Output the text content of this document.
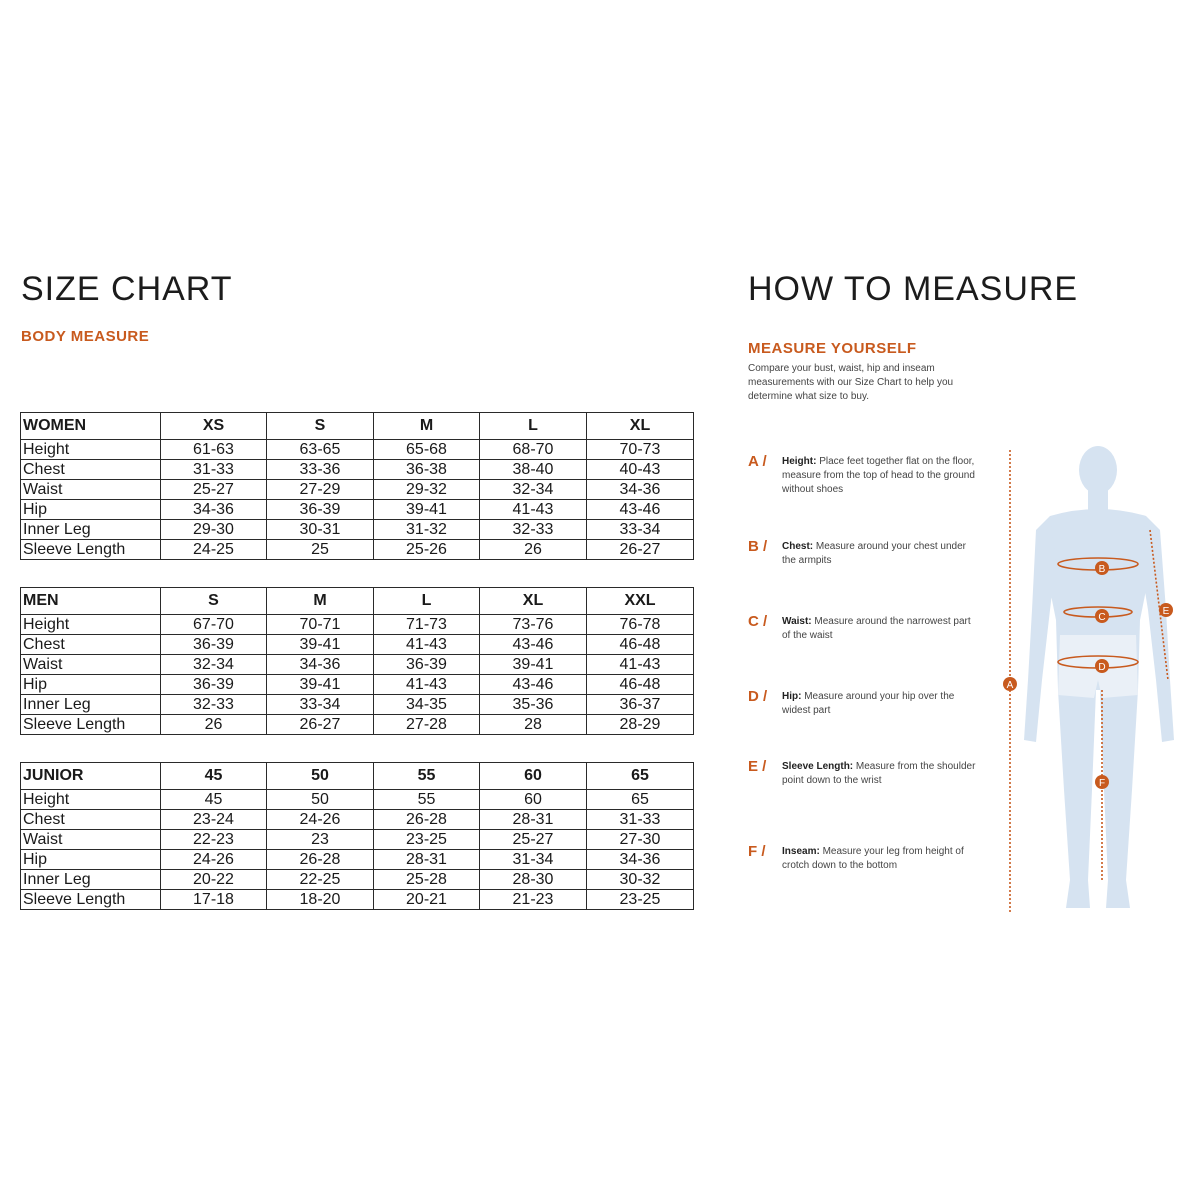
SIZE CHART
BODY MEASURE
WOMEN	XS	S	M	L	XL
Height	61-63	63-65	65-68	68-70	70-73
Chest	31-33	33-36	36-38	38-40	40-43
Waist	25-27	27-29	29-32	32-34	34-36
Hip	34-36	36-39	39-41	41-43	43-46
Inner Leg	29-30	30-31	31-32	32-33	33-34
Sleeve Length	24-25	25	25-26	26	26-27
MEN	S	M	L	XL	XXL
Height	67-70	70-71	71-73	73-76	76-78
Chest	36-39	39-41	41-43	43-46	46-48
Waist	32-34	34-36	36-39	39-41	41-43
Hip	36-39	39-41	41-43	43-46	46-48
Inner Leg	32-33	33-34	34-35	35-36	36-37
Sleeve Length	26	26-27	27-28	28	28-29
JUNIOR	45	50	55	60	65
Height	45	50	55	60	65
Chest	23-24	24-26	26-28	28-31	31-33
Waist	22-23	23	23-25	25-27	27-30
Hip	24-26	26-28	28-31	31-34	34-36
Inner Leg	20-22	22-25	25-28	28-30	30-32
Sleeve Length	17-18	18-20	20-21	21-23	23-25
HOW TO MEASURE
MEASURE YOURSELF

Compare your bust, waist, hip and inseam measurements with our Size Chart to help you determine what size to buy.

A / Height: Place feet together flat on the floor, measure from the top of head to the ground without shoes

B / Chest: Measure around your chest under the armpits

C / Waist: Measure around the narrowest part of the waist

D / Hip: Measure around your hip over the widest part

E / Sleeve Length: Measure from the shoulder point down to the wrist

F / Inseam: Measure your leg from height of crotch down to the bottom

A
B
C
D
E
F
